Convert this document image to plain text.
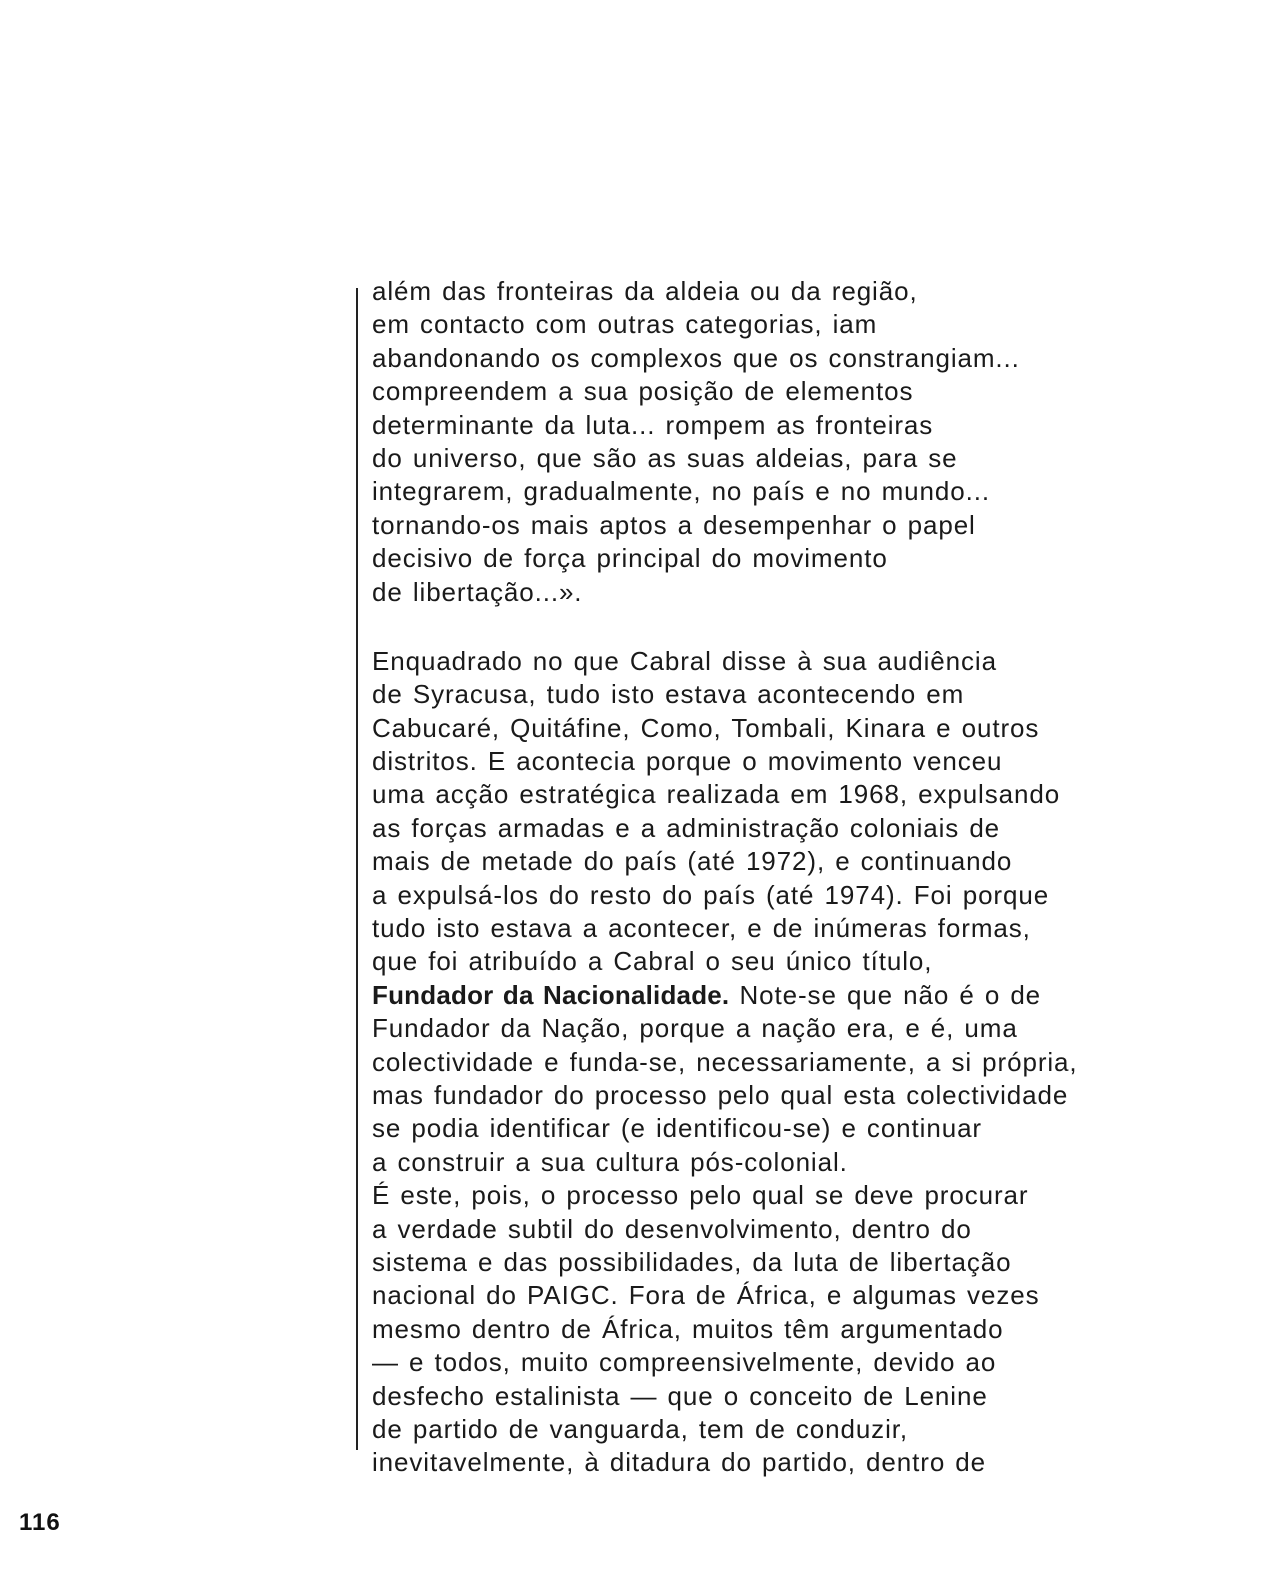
além das fronteiras da aldeia ou da região,
em contacto com outras categorias, iam
abandonando os complexos que os constrangiam...
compreendem a sua posição de elementos
determinante da luta... rompem as fronteiras
do universo, que são as suas aldeias, para se
integrarem, gradualmente, no país e no mundo...
tornando-os mais aptos a desempenhar o papel
decisivo de força principal do movimento
de libertação...».
Enquadrado no que Cabral disse à sua audiência
de Syracusa, tudo isto estava acontecendo em
Cabucaré, Quitáfine, Como, Tombali, Kinara e outros
distritos. E acontecia porque o movimento venceu
uma acção estratégica realizada em 1968, expulsando
as forças armadas e a administração coloniais de
mais de metade do país (até 1972), e continuando
a expulsá-los do resto do país (até 1974). Foi porque
tudo isto estava a acontecer, e de inúmeras formas,
que foi atribuído a Cabral o seu único título,
Fundador da Nacionalidade. Note-se que não é o de
Fundador da Nação, porque a nação era, e é, uma
colectividade e funda-se, necessariamente, a si própria,
mas fundador do processo pelo qual esta colectividade
se podia identificar (e identificou-se) e continuar
a construir a sua cultura pós-colonial.
É este, pois, o processo pelo qual se deve procurar
a verdade subtil do desenvolvimento, dentro do
sistema e das possibilidades, da luta de libertação
nacional do PAIGC. Fora de África, e algumas vezes
mesmo dentro de África, muitos têm argumentado
— e todos, muito compreensivelmente, devido ao
desfecho estalinista — que o conceito de Lenine
de partido de vanguarda, tem de conduzir,
inevitavelmente, à ditadura do partido, dentro de
116
